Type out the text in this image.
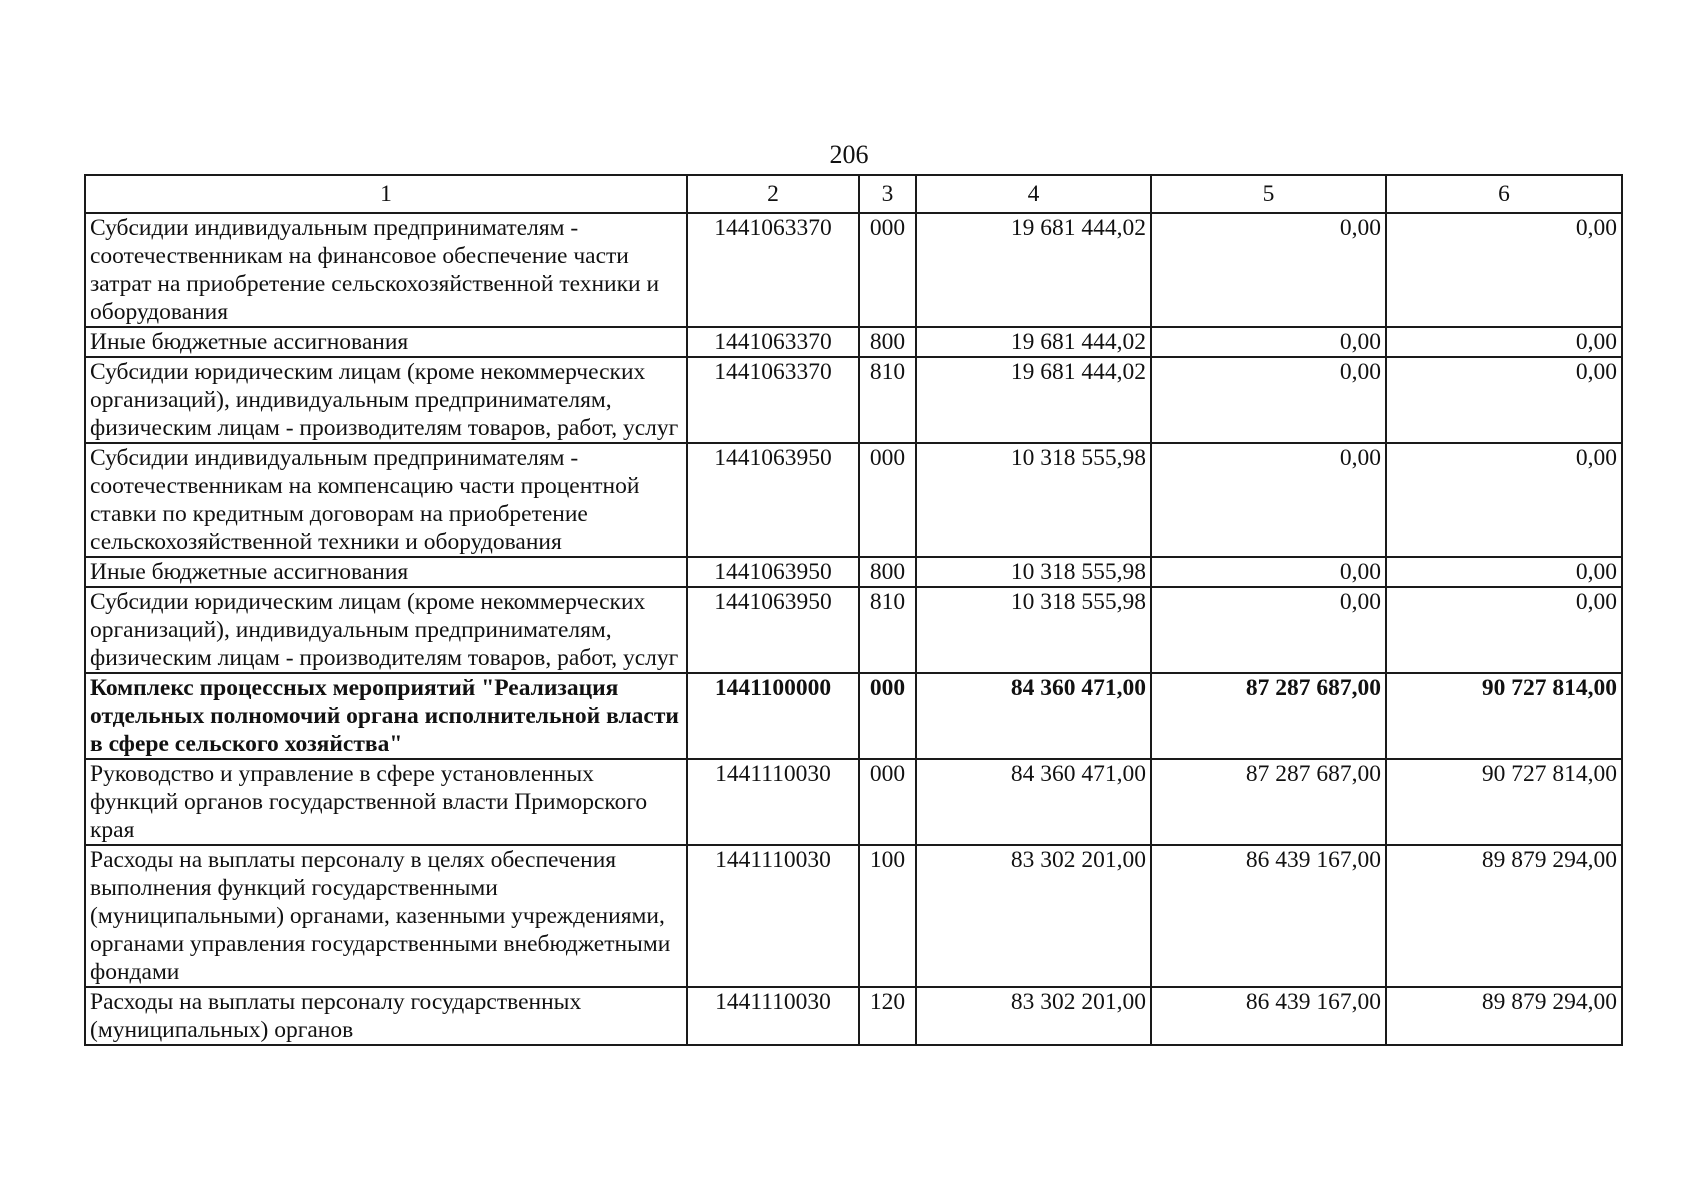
206
1	2	3	4	5	6
Субсидии индивидуальным предпринимателям - соотечественникам на финансовое обеспечение части затрат на приобретение сельскохозяйственной техники и оборудования	1441063370	000	19 681 444,02	0,00	0,00
Иные бюджетные ассигнования	1441063370	800	19 681 444,02	0,00	0,00
Субсидии юридическим лицам (кроме некоммерческих организаций), индивидуальным предпринимателям, физическим лицам - производителям товаров, работ, услуг	1441063370	810	19 681 444,02	0,00	0,00
Субсидии индивидуальным предпринимателям - соотечественникам на компенсацию части процентной ставки по кредитным договорам на приобретение сельскохозяйственной техники и оборудования	1441063950	000	10 318 555,98	0,00	0,00
Иные бюджетные ассигнования	1441063950	800	10 318 555,98	0,00	0,00
Субсидии юридическим лицам (кроме некоммерческих организаций), индивидуальным предпринимателям, физическим лицам - производителям товаров, работ, услуг	1441063950	810	10 318 555,98	0,00	0,00
Комплекс процессных мероприятий "Реализация отдельных полномочий органа исполнительной власти в сфере сельского хозяйства"	1441100000	000	84 360 471,00	87 287 687,00	90 727 814,00
Руководство и управление в сфере установленных функций органов государственной власти Приморского края	1441110030	000	84 360 471,00	87 287 687,00	90 727 814,00
Расходы на выплаты персоналу в целях обеспечения выполнения функций государственными (муниципальными) органами, казенными учреждениями, органами управления государственными внебюджетными фондами	1441110030	100	83 302 201,00	86 439 167,00	89 879 294,00
Расходы на выплаты персоналу государственных (муниципальных) органов	1441110030	120	83 302 201,00	86 439 167,00	89 879 294,00
